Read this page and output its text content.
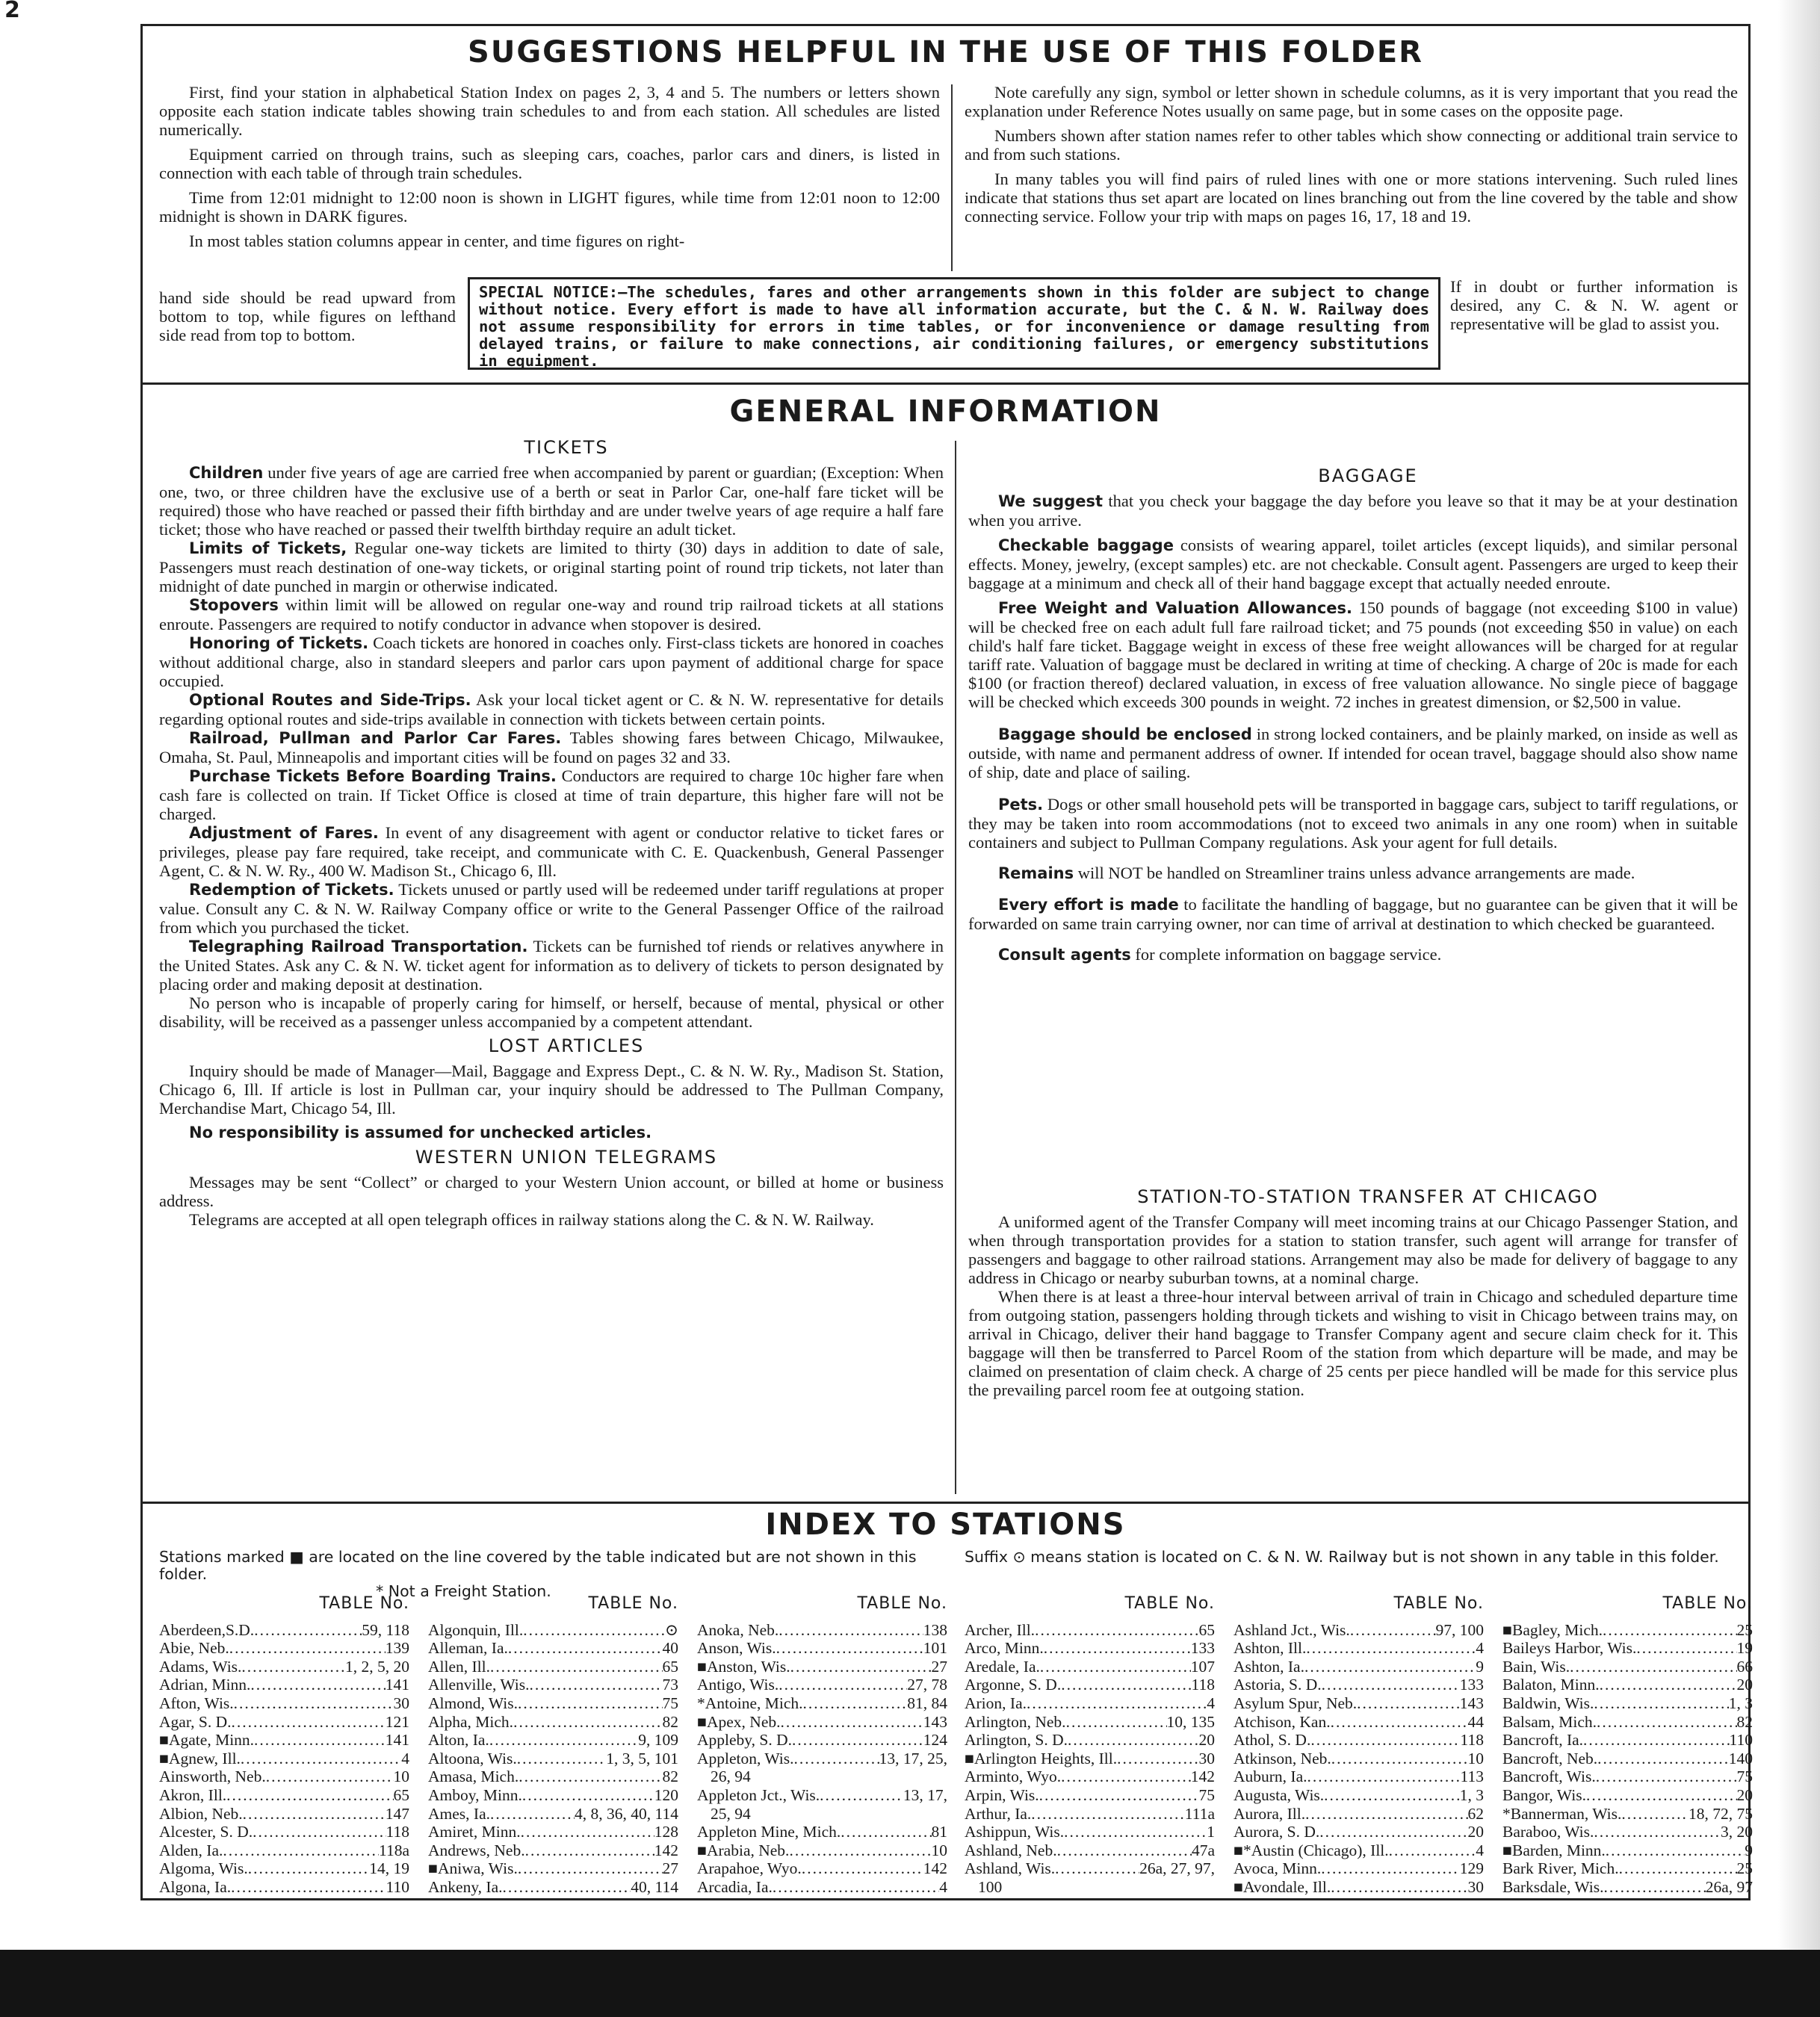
2
SUGGESTIONS HELPFUL IN THE USE OF THIS FOLDER

First, find your station in alphabetical Station Index on pages 2, 3, 4 and 5. The numbers or letters shown opposite each station indicate tables showing train schedules to and from each station. All schedules are listed numerically.

Equipment carried on through trains, such as sleeping cars, coaches, parlor cars and diners, is listed in connection with each table of through train schedules.

Time from 12:01 midnight to 12:00 noon is shown in LIGHT figures, while time from 12:01 noon to 12:00 midnight is shown in DARK figures.

In most tables station columns appear in center, and time figures on right-

hand side should be read upward from bottom to top, while figures on lefthand side read from top to bottom.

Note carefully any sign, symbol or letter shown in schedule columns, as it is very important that you read the explanation under Reference Notes usually on same page, but in some cases on the opposite page.

Numbers shown after station names refer to other tables which show connecting or additional train service to and from such stations.

In many tables you will find pairs of ruled lines with one or more stations intervening. Such ruled lines indicate that stations thus set apart are located on lines branching out from the line covered by the table and show connecting service. Follow your trip with maps on pages 16, 17, 18 and 19.

If in doubt or further information is desired, any C. & N. W. agent or representative will be glad to assist you.
SPECIAL NOTICE:—The schedules, fares and other arrangements shown in this folder are subject to change without notice. Every effort is made to have all information accurate, but the C. & N. W. Railway does not assume responsibility for errors in time tables, or for inconvenience or damage resulting from delayed trains, or failure to make connections, air conditioning failures, or emergency substitutions in equipment.
GENERAL INFORMATION

TICKETS

Children under five years of age are carried free when accompanied by parent or guardian; (Exception: When one, two, or three children have the exclusive use of a berth or seat in Parlor Car, one-half fare ticket will be required) those who have reached or passed their fifth birthday and are under twelve years of age require a half fare ticket; those who have reached or passed their twelfth birthday require an adult ticket.

Limits of Tickets, Regular one-way tickets are limited to thirty (30) days in addition to date of sale, Passengers must reach destination of one-way tickets, or original starting point of round trip tickets, not later than midnight of date punched in margin or otherwise indicated.

Stopovers within limit will be allowed on regular one-way and round trip railroad tickets at all stations enroute. Passengers are required to notify conductor in advance when stopover is desired.

Honoring of Tickets. Coach tickets are honored in coaches only. First-class tickets are honored in coaches without additional charge, also in standard sleepers and parlor cars upon payment of additional charge for space occupied.

Optional Routes and Side-Trips. Ask your local ticket agent or C. & N. W. representative for details regarding optional routes and side-trips available in connection with tickets between certain points.

Railroad, Pullman and Parlor Car Fares. Tables showing fares between Chicago, Milwaukee, Omaha, St. Paul, Minneapolis and important cities will be found on pages 32 and 33.

Purchase Tickets Before Boarding Trains. Conductors are required to charge 10c higher fare when cash fare is collected on train. If Ticket Office is closed at time of train departure, this higher fare will not be charged.

Adjustment of Fares. In event of any disagreement with agent or conductor relative to ticket fares or privileges, please pay fare required, take receipt, and communicate with C. E. Quackenbush, General Passenger Agent, C. & N. W. Ry., 400 W. Madison St., Chicago 6, Ill.

Redemption of Tickets. Tickets unused or partly used will be redeemed under tariff regulations at proper value. Consult any C. & N. W. Railway Company office or write to the General Passenger Office of the railroad from which you purchased the ticket.

Telegraphing Railroad Transportation. Tickets can be furnished tof riends or relatives anywhere in the United States. Ask any C. & N. W. ticket agent for information as to delivery of tickets to person designated by placing order and making deposit at destination.

No person who is incapable of properly caring for himself, or herself, because of mental, physical or other disability, will be received as a passenger unless accompanied by a competent attendant.

LOST ARTICLES

Inquiry should be made of Manager—Mail, Baggage and Express Dept., C. & N. W. Ry., Madison St. Station, Chicago 6, Ill. If article is lost in Pullman car, your inquiry should be addressed to The Pullman Company, Merchandise Mart, Chicago 54, Ill.

No responsibility is assumed for unchecked articles.

WESTERN UNION TELEGRAMS

Messages may be sent “Collect” or charged to your Western Union account, or billed at home or business address.

Telegrams are accepted at all open telegraph offices in railway stations along the C. & N. W. Railway.

BAGGAGE

We suggest that you check your baggage the day before you leave so that it may be at your destination when you arrive.

Checkable baggage consists of wearing apparel, toilet articles (except liquids), and similar personal effects. Money, jewelry, (except samples) etc. are not checkable. Consult agent. Passengers are urged to keep their baggage at a minimum and check all of their hand baggage except that actually needed enroute.

Free Weight and Valuation Allowances. 150 pounds of baggage (not exceeding $100 in value) will be checked free on each adult full fare railroad ticket; and 75 pounds (not exceeding $50 in value) on each child's half fare ticket. Baggage weight in excess of these free weight allowances will be charged for at regular tariff rate. Valuation of baggage must be declared in writing at time of checking. A charge of 20c is made for each $100 (or fraction thereof) declared valuation, in excess of free valuation allowance. No single piece of baggage will be checked which exceeds 300 pounds in weight. 72 inches in greatest dimension, or $2,500 in value.

Baggage should be enclosed in strong locked containers, and be plainly marked, on inside as well as outside, with name and permanent address of owner. If intended for ocean travel, baggage should also show name of ship, date and place of sailing.

Pets. Dogs or other small household pets will be transported in baggage cars, subject to tariff regulations, or they may be taken into room accommodations (not to exceed two animals in any one room) when in suitable containers and subject to Pullman Company regulations. Ask your agent for full details.

Remains will NOT be handled on Streamliner trains unless advance arrangements are made.

Every effort is made to facilitate the handling of baggage, but no guarantee can be given that it will be forwarded on same train carrying owner, nor can time of arrival at destination to which checked be guaranteed.

Consult agents for complete information on baggage service.

STATION-TO-STATION TRANSFER AT CHICAGO

A uniformed agent of the Transfer Company will meet incoming trains at our Chicago Passenger Station, and when through transportation provides for a station to station transfer, such agent will arrange for transfer of passengers and baggage to other railroad stations. Arrangement may also be made for delivery of baggage to any address in Chicago or nearby suburban towns, at a nominal charge.

When there is at least a three-hour interval between arrival of train in Chicago and scheduled departure time from outgoing station, passengers holding through tickets and wishing to visit in Chicago between trains may, on arrival in Chicago, deliver their hand baggage to Transfer Company agent and secure claim check for it. This baggage will then be transferred to Parcel Room of the station from which departure will be made, and may be claimed on presentation of claim check. A charge of 25 cents per piece handled will be made for this service plus the prevailing parcel room fee at outgoing station.

INDEX TO STATIONS
Stations marked ■ are located on the line covered by the table indicated but are not shown in this folder.
* Not a Freight Station.
Suffix ⊙ means station is located on C. & N. W. Railway but is not shown in any table in this folder.
TABLE No.
Aberdeen,S.D. .....	59, 118
Abie, Neb. .....	139
Adams, Wis. .....	1, 2, 5, 20
Adrian, Minn. .....	141
Afton, Wis. .....	30
Agar, S. D. .....	121
■Agate, Minn. .....	141
■Agnew, Ill. .....	4
Ainsworth, Neb. .....	10
Akron, Ill. .....	65
Albion, Neb. .....	147
Alcester, S. D. .....	118
Alden, Ia. .....	118a
Algoma, Wis. .....	14, 19
Algona, Ia. .....	110
TABLE No.
Algonquin, Ill. .....	⊙
Alleman, Ia. .....	40
Allen, Ill. .....	65
Allenville, Wis. .....	73
Almond, Wis. .....	75
Alpha, Mich. .....	82
Alton, Ia. .....	9, 109
Altoona, Wis. .....	1, 3, 5, 101
Amasa, Mich. .....	82
Amboy, Minn. .....	120
Ames, Ia. .....	4, 8, 36, 40, 114
Amiret, Minn. .....	128
Andrews, Neb. .....	142
■Aniwa, Wis. .....	27
Ankeny, Ia. .....	40, 114
TABLE No.
Anoka, Neb. .....	138
Anson, Wis. .....	101
■Anston, Wis. .....	27
Antigo, Wis. .....	27, 78
*Antoine, Mich. .....	81, 84
■Apex, Neb. .....	143
Appleby, S. D. .....	124
Appleton, Wis. .....	13, 17, 25,
26, 94
Appleton Jct., Wis. .....	13, 17,
25, 94
Appleton Mine, Mich. .....	81
■Arabia, Neb. .....	10
Arapahoe, Wyo. .....	142
Arcadia, Ia. .....	4
TABLE No.
Archer, Ill. .....	65
Arco, Minn. .....	133
Aredale, Ia. .....	107
Argonne, S. D. .....	118
Arion, Ia. .....	4
Arlington, Neb. .....	10, 135
Arlington, S. D. .....	20
■Arlington Heights, Ill. .....	30
Arminto, Wyo. .....	142
Arpin, Wis. .....	75
Arthur, Ia. .....	111a
Ashippun, Wis. .....	1
Ashland, Neb. .....	47a
Ashland, Wis. .....	26a, 27, 97,
100
TABLE No.
Ashland Jct., Wis. .....	97, 100
Ashton, Ill. .....	4
Ashton, Ia. .....	9
Astoria, S. D. .....	133
Asylum Spur, Neb. .....	143
Atchison, Kan. .....	44
Athol, S. D. .....	118
Atkinson, Neb. .....	10
Auburn, Ia. .....	113
Augusta, Wis. .....	1, 3
Aurora, Ill. .....	62
Aurora, S. D. .....	20
■*Austin (Chicago), Ill. .....	4
Avoca, Minn. .....	129
■Avondale, Ill. .....	30
TABLE No.
■Bagley, Mich. .....	25
Baileys Harbor, Wis. .....	19
Bain, Wis. .....	66
Balaton, Minn. .....	20
Baldwin, Wis. .....	1, 3
Balsam, Mich. .....	82
Bancroft, Ia. .....	110
Bancroft, Neb. .....	140
Bancroft, Wis. .....	75
Bangor, Wis. .....	20
*Bannerman, Wis. .....	18, 72, 75
Baraboo, Wis. .....	3, 20
■Barden, Minn. .....	9
Bark River, Mich. .....	25
Barksdale, Wis. .....	26a, 97
